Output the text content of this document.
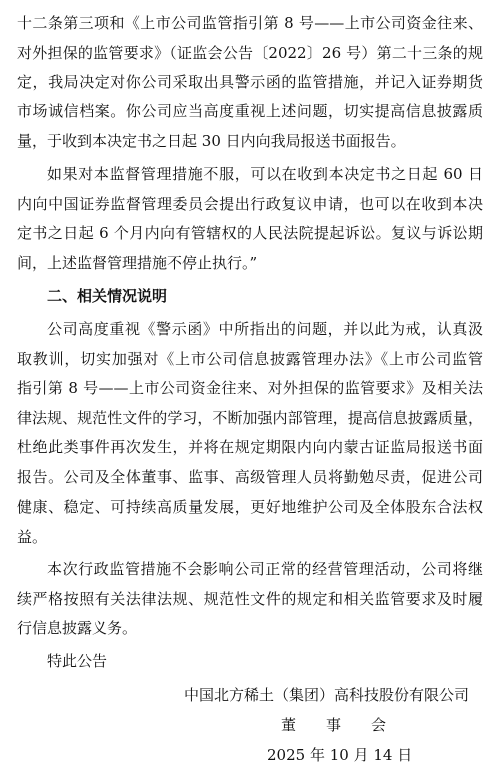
十二条第三项和《上市公司监管指引第 8 号——上市公司资金往来、
对外担保的监管要求》（证监会公告〔2022〕26 号）第二十三条的规
定，我局决定对你公司采取出具警示函的监管措施，并记入证券期货
市场诚信档案。你公司应当高度重视上述问题，切实提高信息披露质
量，于收到本决定书之日起 30 日内向我局报送书面报告。
如果对本监督管理措施不服，可以在收到本决定书之日起 60 日
内向中国证券监督管理委员会提出行政复议申请，也可以在收到本决
定书之日起 6 个月内向有管辖权的人民法院提起诉讼。复议与诉讼期
间，上述监督管理措施不停止执行。”
二、相关情况说明
公司高度重视《警示函》中所指出的问题，并以此为戒，认真汲
取教训，切实加强对《上市公司信息披露管理办法》《上市公司监管
指引第 8 号——上市公司资金往来、对外担保的监管要求》及相关法
律法规、规范性文件的学习，不断加强内部管理，提高信息披露质量，
杜绝此类事件再次发生，并将在规定期限内向内蒙古证监局报送书面
报告。公司及全体董事、监事、高级管理人员将勤勉尽责，促进公司
健康、稳定、可持续高质量发展，更好地维护公司及全体股东合法权
益。
本次行政监管措施不会影响公司正常的经营管理活动，公司将继
续严格按照有关法律法规、规范性文件的规定和相关监管要求及时履
行信息披露义务。
特此公告
中国北方稀土（集团）高科技股份有限公司
董　　事　　会
2025 年 10 月 14 日
